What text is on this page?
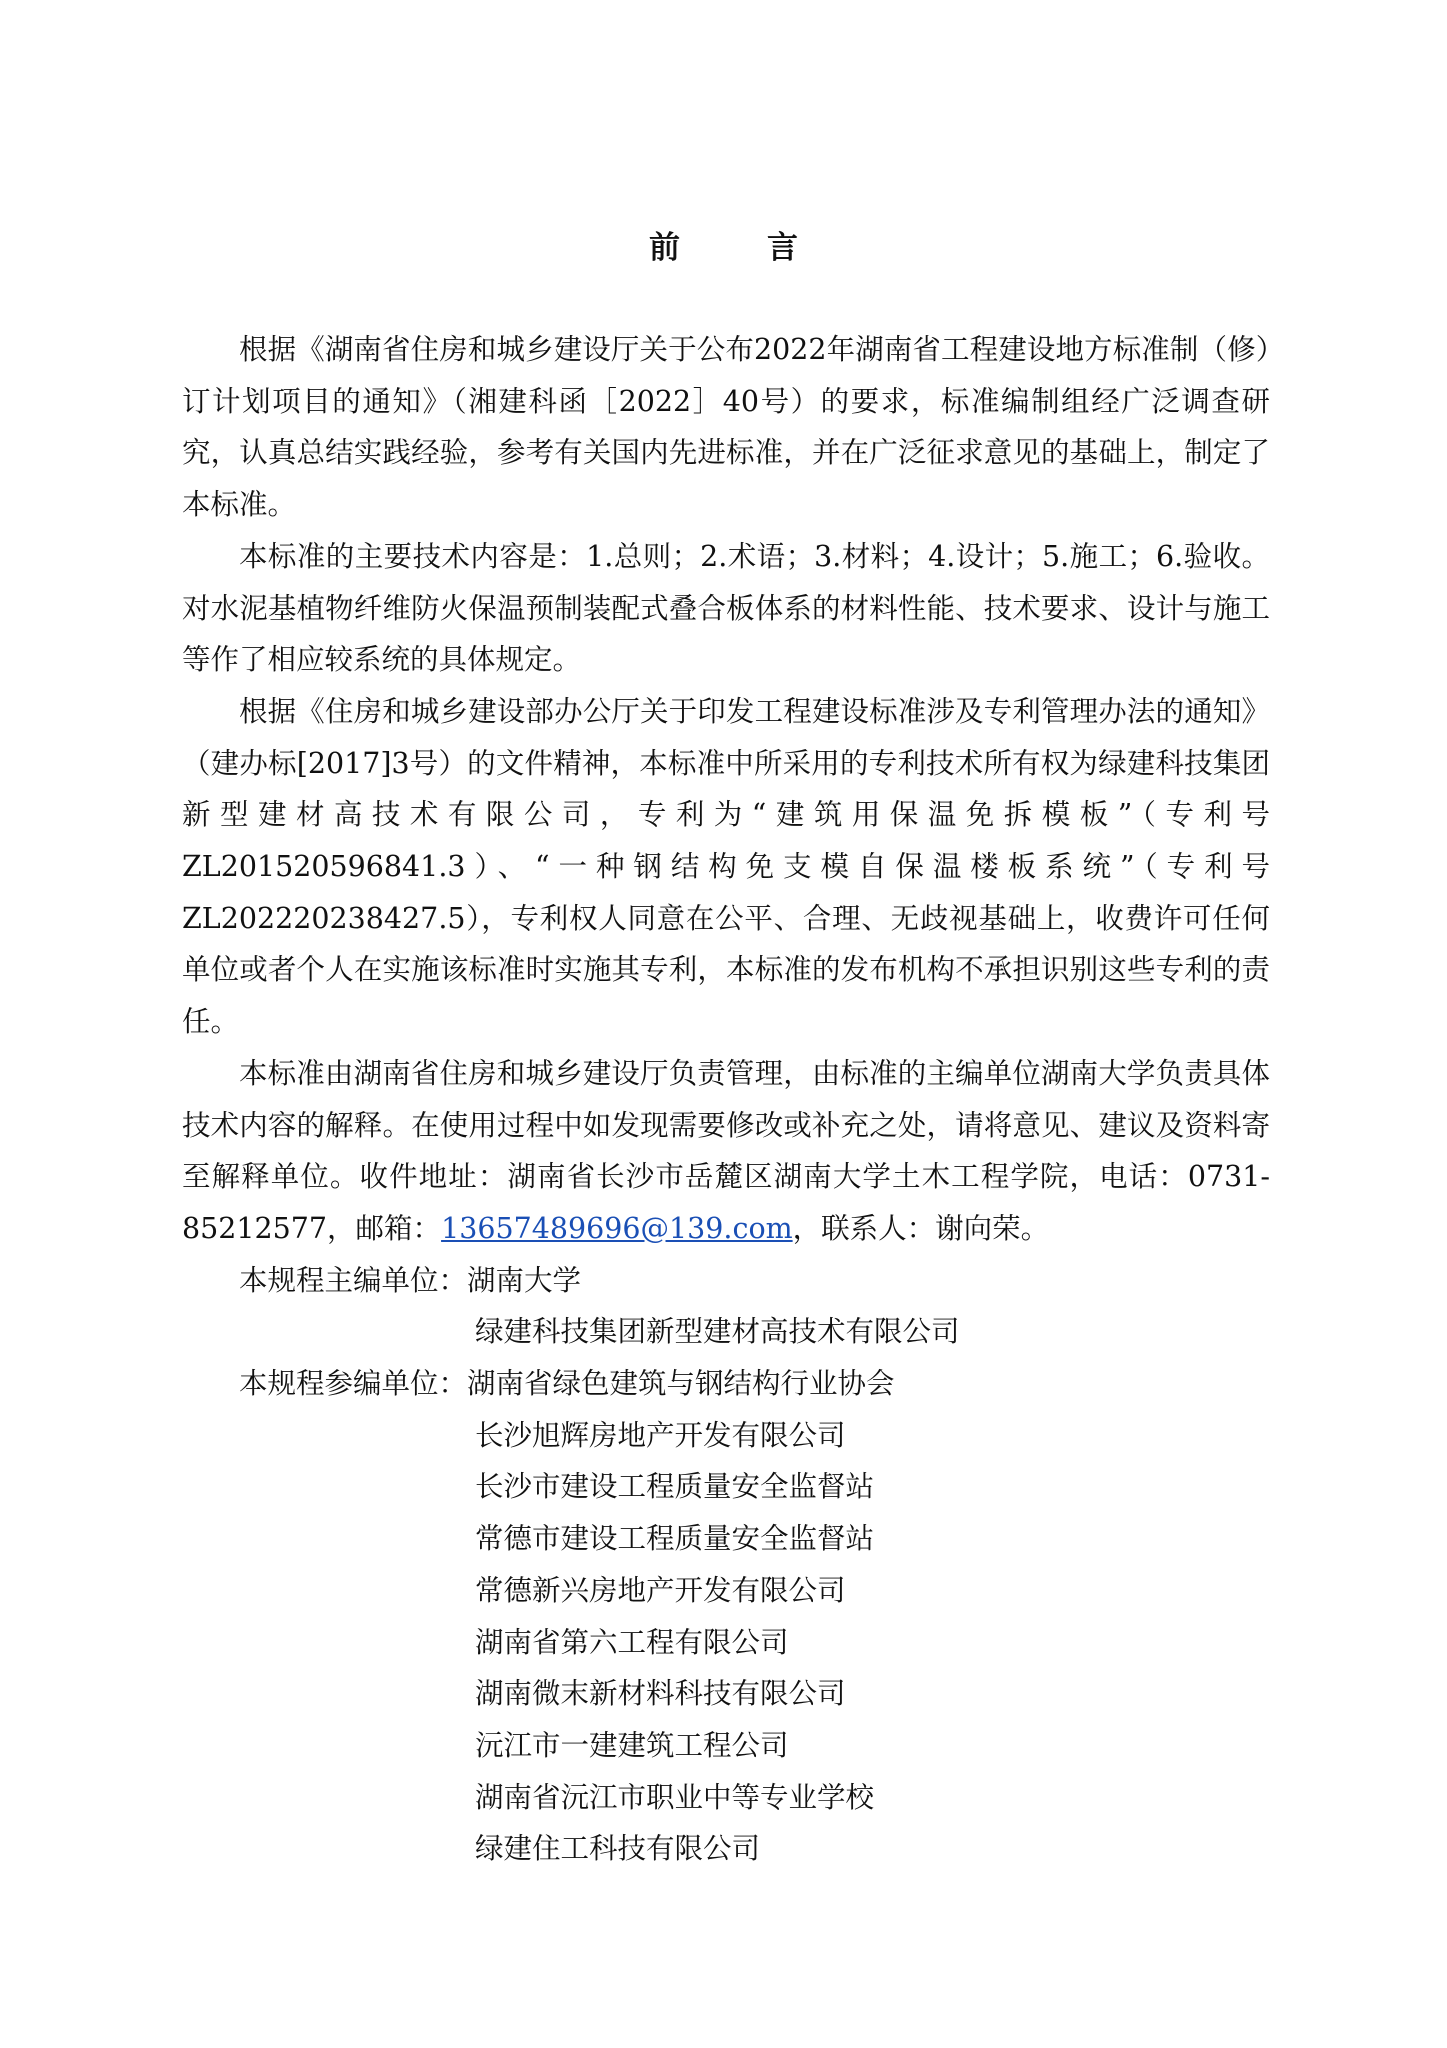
前　言

根据《湖南省住房和城乡建设厅关于公布2022年湖南省工程建设地方标准制（修）订计划项目的通知》（湘建科函［2022］40号）的要求，标准编制组经广泛调查研究，认真总结实践经验，参考有关国内先进标准，并在广泛征求意见的基础上，制定了本标准。

本标准的主要技术内容是：1.总则；2.术语；3.材料；4.设计；5.施工；6.验收。对水泥基植物纤维防火保温预制装配式叠合板体系的材料性能、技术要求、设计与施工等作了相应较系统的具体规定。

根据《住房和城乡建设部办公厅关于印发工程建设标准涉及专利管理办法的通知》（建办标[2017]3号）的文件精神，本标准中所采用的专利技术所有权为绿建科技集团新型建材高技术有限公司，专利为“建筑用保温免拆模板”（专利号ZL201520596841.3）、“一种钢结构免支模自保温楼板系统”（专利号ZL202220238427.5），专利权人同意在公平、合理、无歧视基础上，收费许可任何单位或者个人在实施该标准时实施其专利，本标准的发布机构不承担识别这些专利的责任。

本标准由湖南省住房和城乡建设厅负责管理，由标准的主编单位湖南大学负责具体技术内容的解释。在使用过程中如发现需要修改或补充之处，请将意见、建议及资料寄至解释单位。收件地址：湖南省长沙市岳麓区湖南大学土木工程学院，电话：0731-85212577，邮箱：13657489696@139.com，联系人：谢向荣。

本规程主编单位：湖南大学

绿建科技集团新型建材高技术有限公司

本规程参编单位：湖南省绿色建筑与钢结构行业协会

长沙旭辉房地产开发有限公司

长沙市建设工程质量安全监督站

常德市建设工程质量安全监督站

常德新兴房地产开发有限公司

湖南省第六工程有限公司

湖南微末新材料科技有限公司

沅江市一建建筑工程公司

湖南省沅江市职业中等专业学校

绿建住工科技有限公司
